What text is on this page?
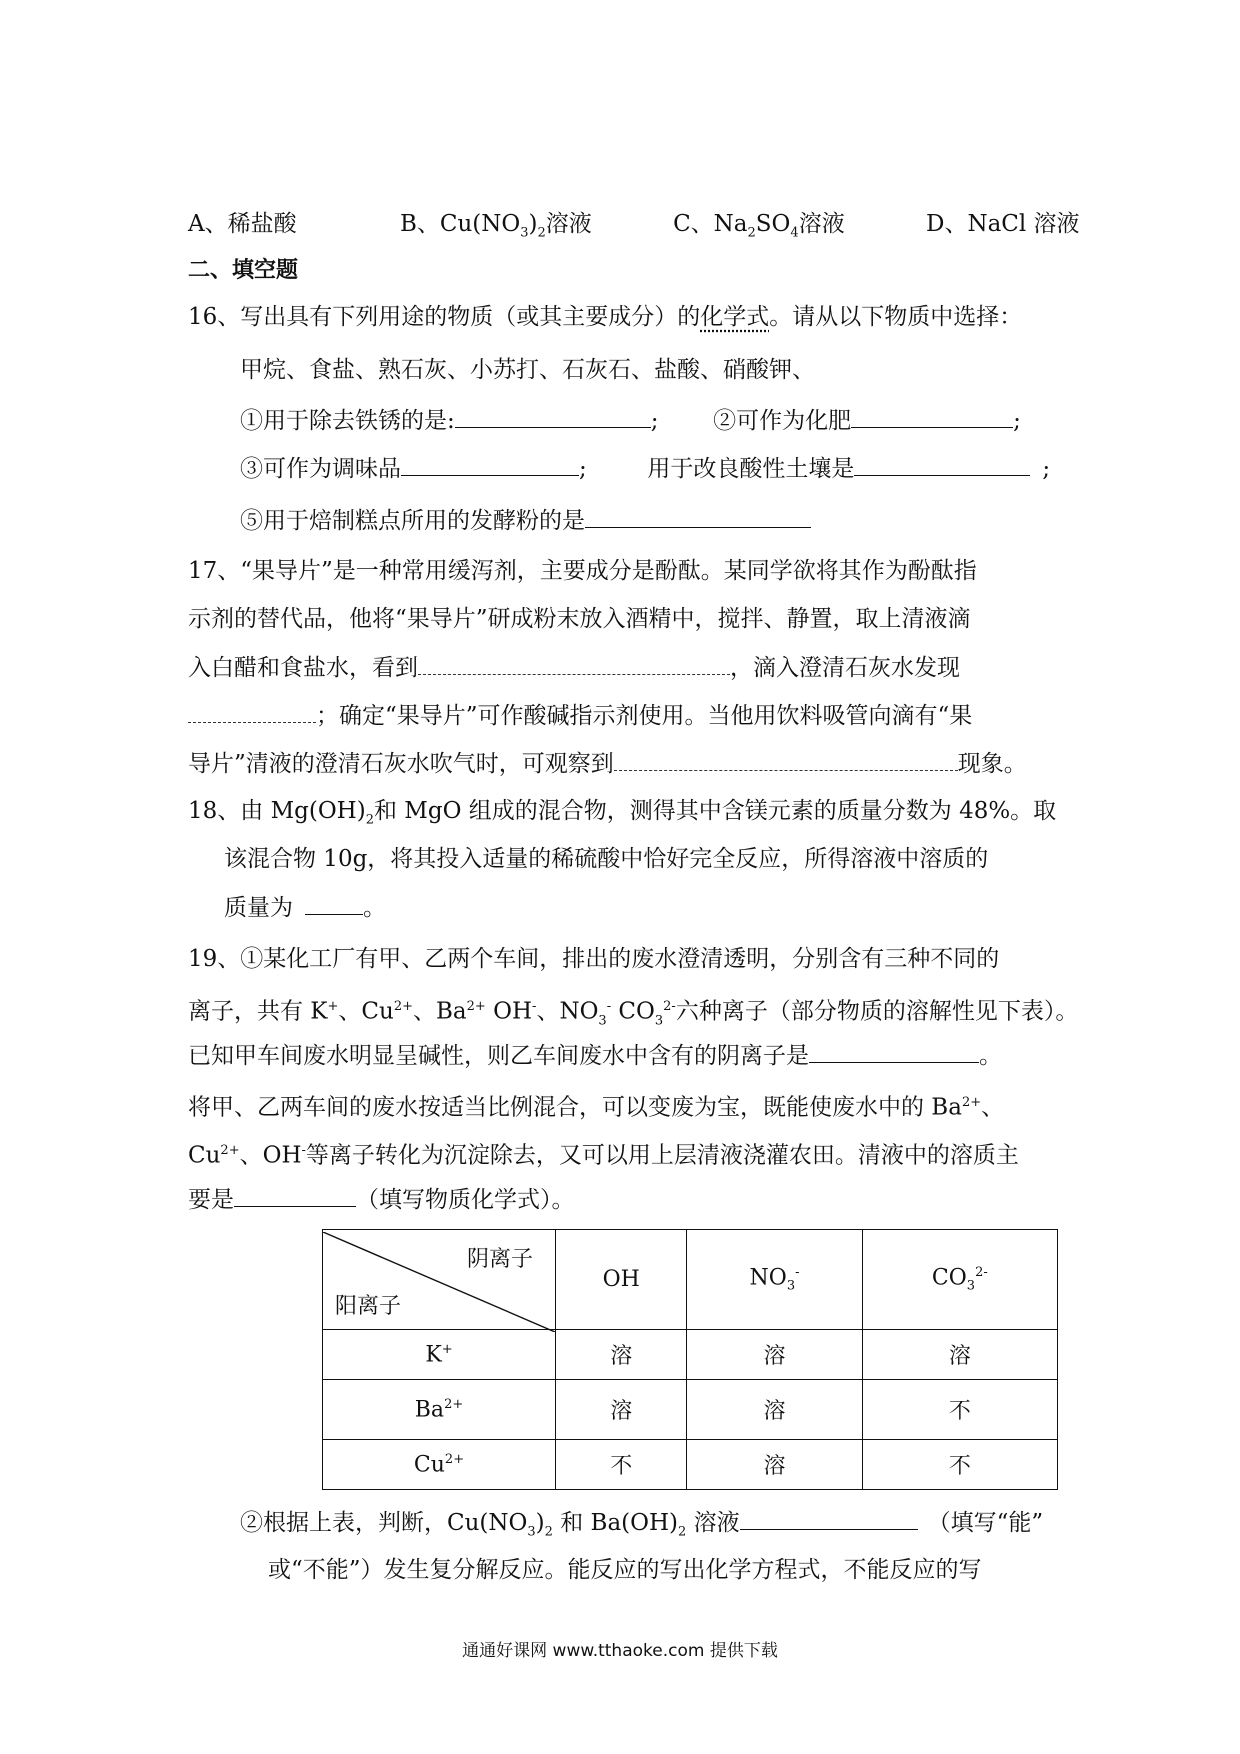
A、稀盐酸	B、$Cu(NO_3)_2$溶液	C、$Na_2SO_4$溶液	D、NaCl 溶液
二、填空题
16、写出具有下列用途的物质（或其主要成分）的化学式。请从以下物质中选择：
甲烷、食盐、熟石灰、小苏打、石灰石、盐酸、硝酸钾、
①用于除去铁锈的是:	; ②可作为化肥	;
③可作为调味品	;	用于改良酸性土壤是	;
⑤用于焙制糕点所用的发酵粉的是
17、“果导片”是一种常用缓泻剂，主要成分是酚酞。某同学欲将其作为酚酞指
示剂的替代品，他将“果导片”研成粉末放入酒精中，搅拌、静置，取上清液滴
入白醋和食盐水，看到	，滴入澄清石灰水发现
；确定“果导片”可作酸碱指示剂使用。当他用饮料吸管向滴有“果
导片”清液的澄清石灰水吹气时，可观察到	现象。
18、由 $Mg(OH)_2$和 MgO 组成的混合物，测得其中含镁元素的质量分数为 48%。取
该混合物 10g，将其投入适量的稀硫酸中恰好完全反应，所得溶液中溶质的
质量为	。
19、①某化工厂有甲、乙两个车间，排出的废水澄清透明，分别含有三种不同的
离子，共有 K+、$Cu^{2+}$、$Ba^{2+}$ OH-、$NO_3^-$ $CO_3^{2-}$六种离子（部分物质的溶解性见下表）。
已知甲车间废水明显呈碱性，则乙车间废水中含有的阴离子是	。
将甲、乙两车间的废水按适当比例混合，可以变废为宝，既能使废水中的 $Ba^{2+}$、
$Cu^{2+}$、OH-等离子转化为沉淀除去，又可以用上层清液浇灌农田。清液中的溶质主
要是	（填写物质化学式）。
阴离子
阳离子	OH	$NO_3^-$	$CO_3^{2-}$
K+	溶	溶	溶
$Ba^{2+}$	溶	溶	不
$Cu^{2+}$	不	溶	不
②根据上表，判断，$Cu(NO_3)_2$ 和 $Ba(OH)_2$ 溶液	（填写“能”
或“不能”）发生复分解反应。能反应的写出化学方程式，不能反应的写
通通好课网 www.tthaoke.com 提供下载
